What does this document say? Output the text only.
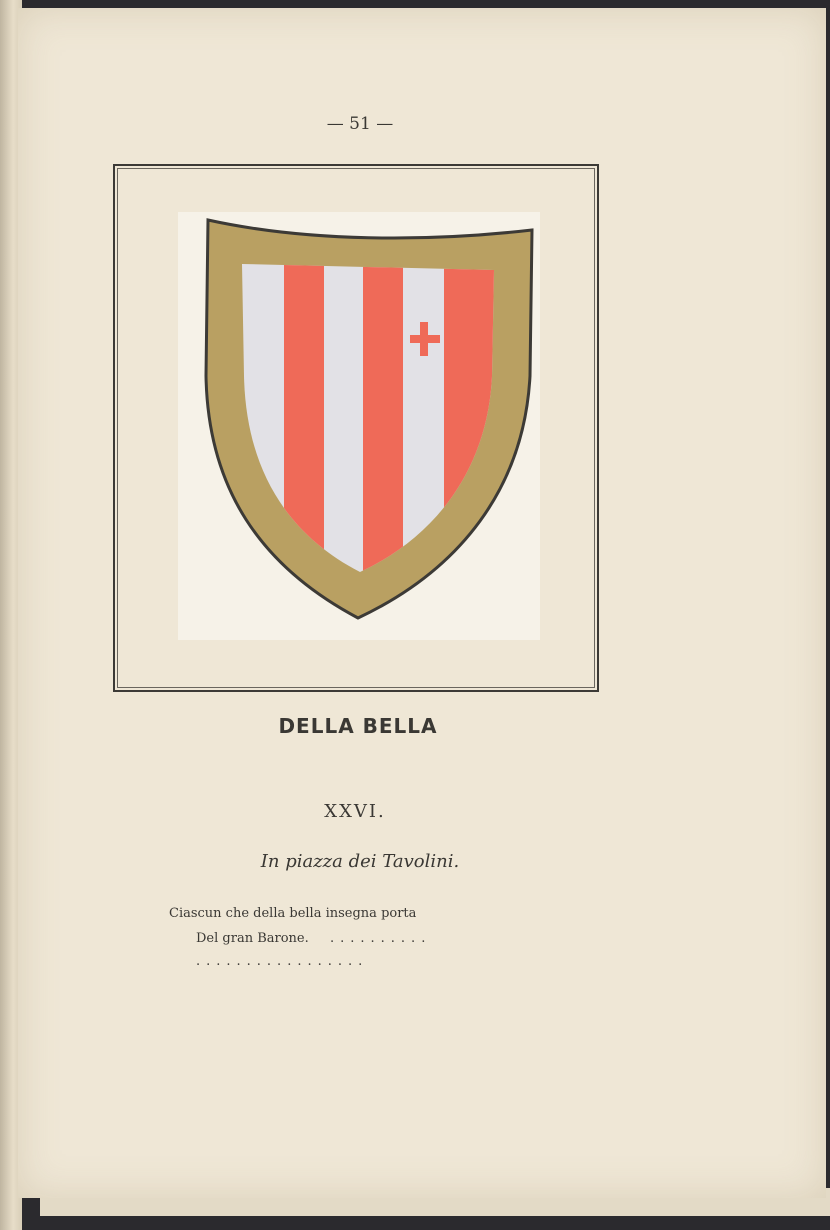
— 51 —
DELLA BELLA
XXVI.
In piazza dei Tavolini.
Ciascun che della bella insegna porta
Del gran Barone. ..........
.................
